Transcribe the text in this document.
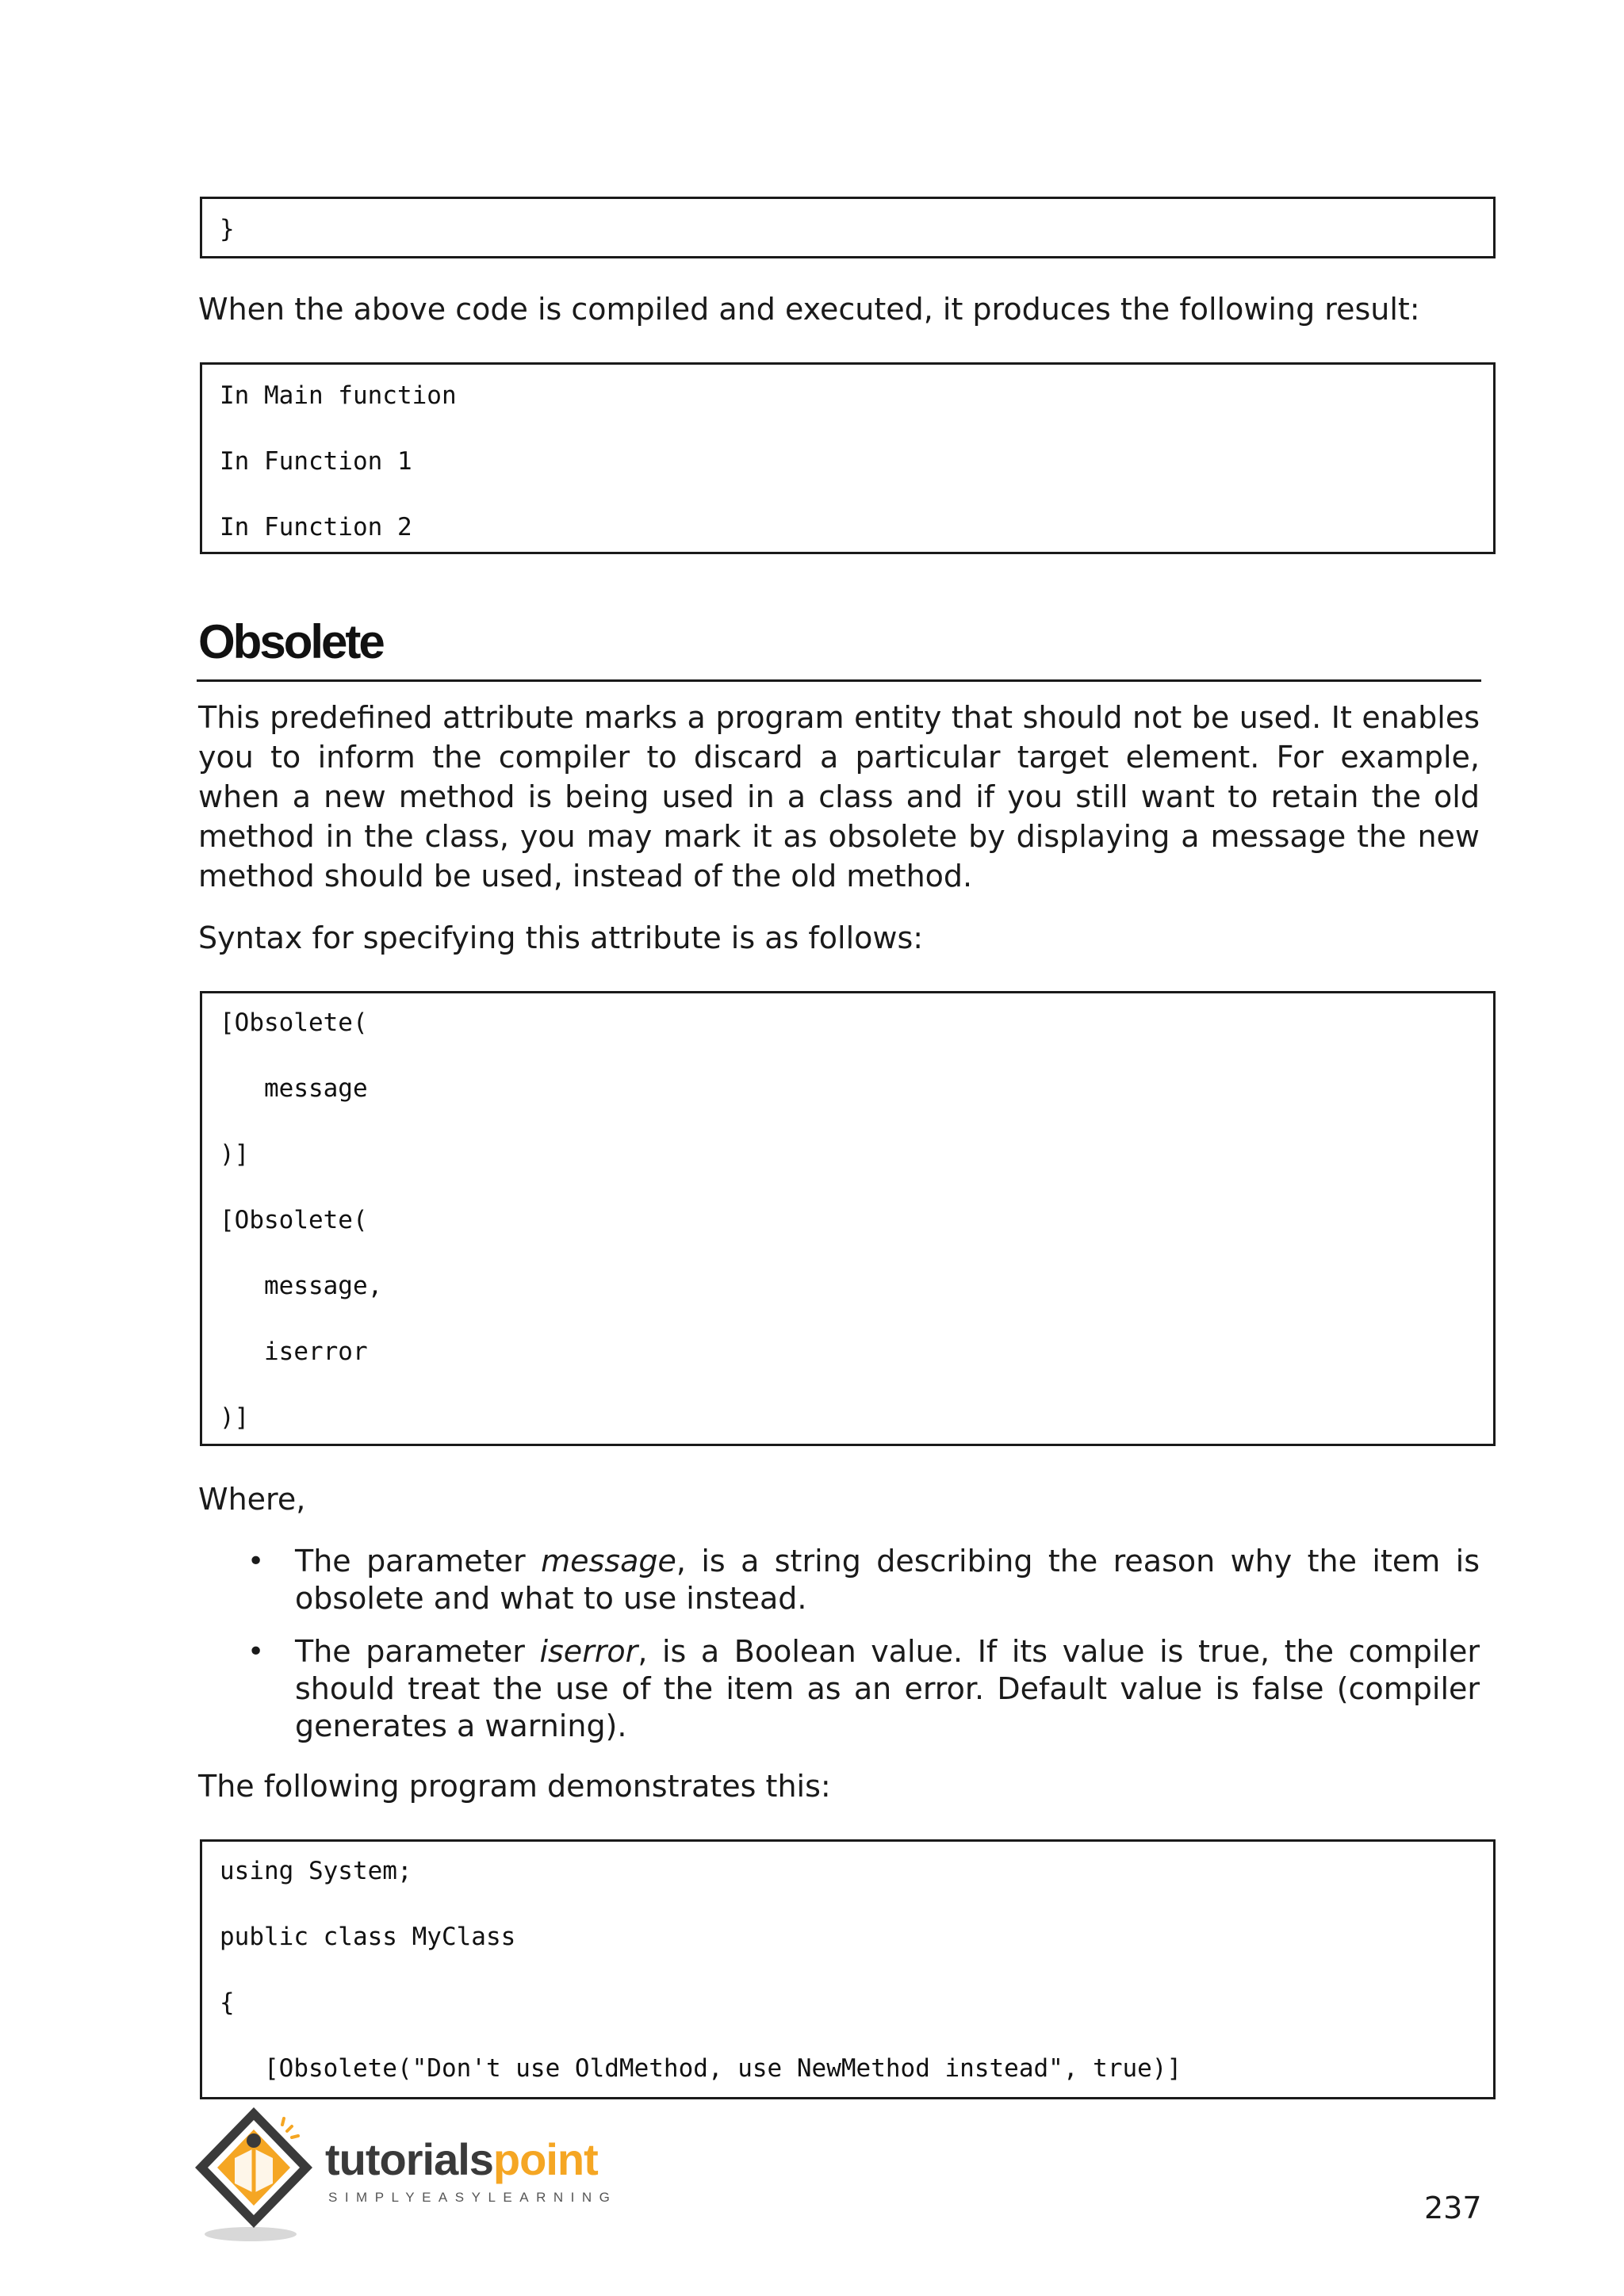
}
When the above code is compiled and executed, it produces the following result:
In Main function
In Function 1
In Function 2
Obsolete
This predefined attribute marks a program entity that should not be used. It enables you to inform the compiler to discard a particular target element. For example, when a new method is being used in a class and if you still want to retain the old method in the class, you may mark it as obsolete by displaying a message the new method should be used, instead of the old method.
Syntax for specifying this attribute is as follows:
[Obsolete(
message
)]
[Obsolete(
message,
iserror
)]
Where,
• The parameter message, is a string describing the reason why the item is obsolete and what to use instead.
• The parameter iserror, is a Boolean value. If its value is true, the compiler should treat the use of the item as an error. Default value is false (compiler generates a warning).
The following program demonstrates this:
using System;
public class MyClass
{
[Obsolete("Don't use OldMethod, use NewMethod instead", true)]
tutorialspoint
SIMPLYEASYLEARNING	237
